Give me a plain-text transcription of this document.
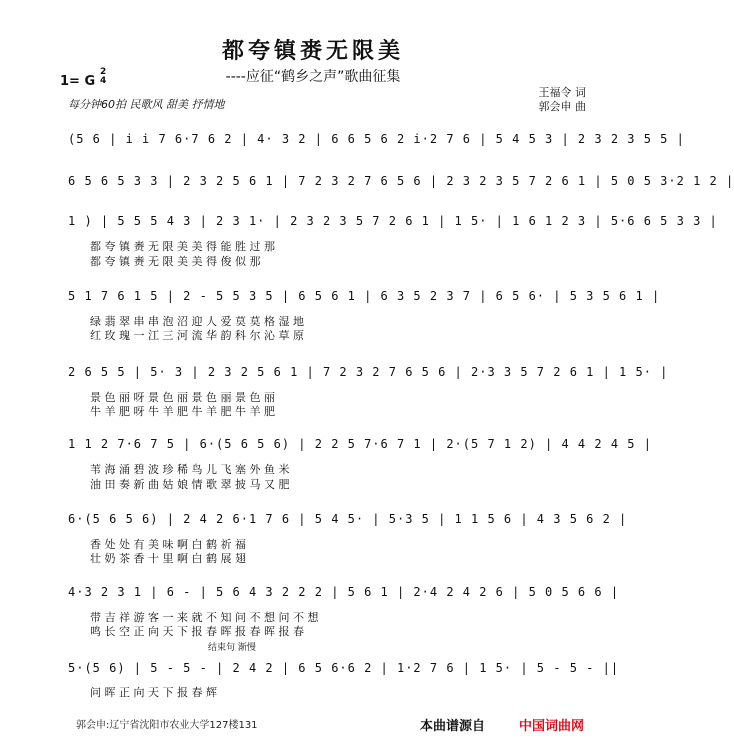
都夸镇赉无限美
----应征“鹤乡之声”歌曲征集
1= G
2
4
每分钟60拍 民歌风 甜美 抒情地
王福令 词
郭会申 曲
(5 6 | i i 7 6·7 6 2 | 4· 3 2 | 6 6 5 6 2 i·2 7 6 | 5 4 5 3 | 2 3 2 3 5 5 |
6 5 6 5 3 3 | 2 3 2 5 6 1 | 7 2 3 2 7 6 5 6 | 2 3 2 3 5 7 2 6 1 | 5 0 5 3·2 1 2 |
1 ) | 5 5 5 4 3 | 2 3 1· | 2 3 2 3 5 7 2 6 1 | 1 5· | 1 6 1 2 3 | 5·6 6 5 3 3 |
都 夸 镇 赉 无 限 美 美 得 能 胜 过 那
都 夸 镇 赉 无 限 美 美 得 俊 似 那
5 1 7 6 1 5 | 2 - 5 5 3 5 | 6 5 6 1 | 6 3 5 2 3 7 | 6 5 6· | 5 3 5 6 1 |
绿 翡 翠 串 串 泡 沼 迎 人 爱 莫 莫 格 湿 地
红 玫 瑰 一 江 三 河 流 华 韵 科 尔 沁 草 原
2 6 5 5 | 5· 3 | 2 3 2 5 6 1 | 7 2 3 2 7 6 5 6 | 2·3 3 5 7 2 6 1 | 1 5· |
景 色 丽 呀 景 色 丽 景 色 丽 景 色 丽
牛 羊 肥 呀 牛 羊 肥 牛 羊 肥 牛 羊 肥
1 1 2 7·6 7 5 | 6·(5 6 5 6) | 2 2 5 7·6 7 1 | 2·(5 7 1 2) | 4 4 2 4 5 |
苇 海 涌 碧 波 珍 稀 鸟 儿 飞 塞 外 鱼 米
油 田 奏 新 曲 姑 娘 情 歌 翠 披 马 又 肥
6·(5 6 5 6) | 2 4 2 6·1 7 6 | 5 4 5· | 5·3 5 | 1 1 5 6 | 4 3 5 6 2 |
香 处 处 有 美 味 啊 白 鹤 祈 福
壮 奶 茶 香 十 里 啊 白 鹤 展 翅
4·3 2 3 1 | 6 - | 5 6 4 3 2 2 2 | 5 6 1 | 2·4 2 4 2 6 | 5 0 5 6 6 |
带 吉 祥 游 客 一 来 就 不 知 问 不 想 问 不 想
鸣 长 空 正 向 天 下 报 春 晖 报 春 晖 报 春
结束句 渐慢
5·(5 6) | 5 - 5 - | 2 4 2 | 6 5 6·6 2 | 1·2 7 6 | 1 5· | 5 - 5 - ||
问 晖 正 向 天 下 报 春 辉
郭会申:辽宁省沈阳市农业大学127楼131	本曲谱源自	中国词曲网
